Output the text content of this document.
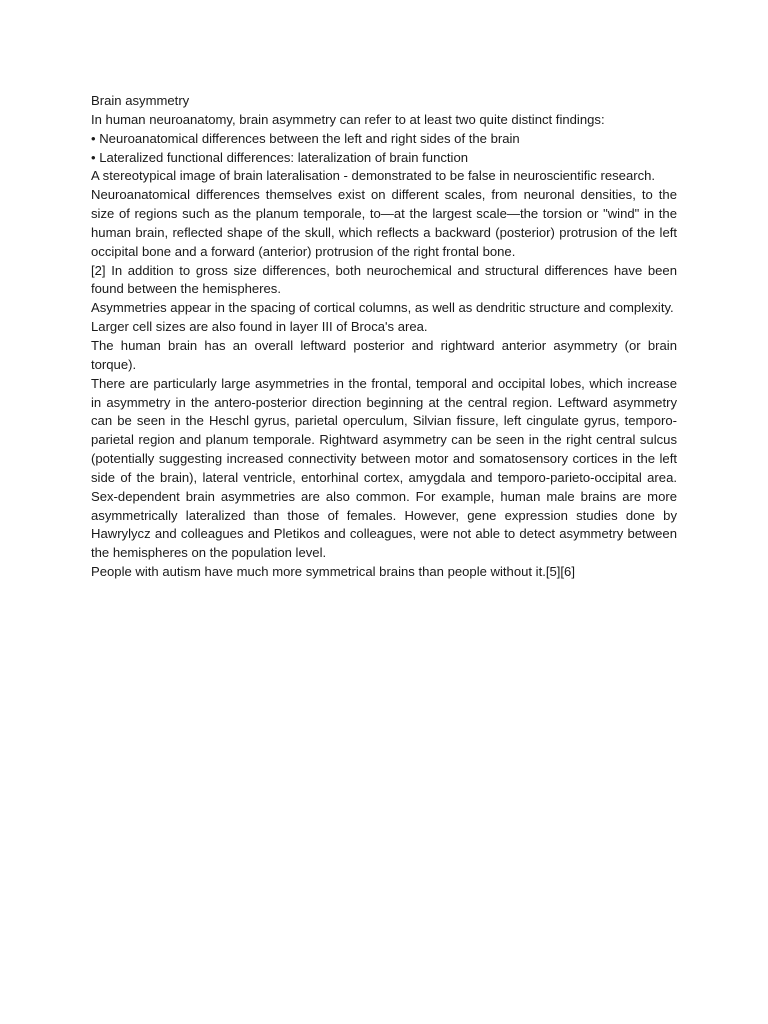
Brain asymmetry

In human neuroanatomy, brain asymmetry can refer to at least two quite distinct findings:

• Neuroanatomical differences between the left and right sides of the brain

• Lateralized functional differences: lateralization of brain function

A stereotypical image of brain lateralisation - demonstrated to be false in neuroscientific research.

Neuroanatomical differences themselves exist on different scales, from neuronal densities, to the size of regions such as the planum temporale, to—at the largest scale—the torsion or "wind" in the human brain, reflected shape of the skull, which reflects a backward (posterior) protrusion of the left occipital bone and a forward (anterior) protrusion of the right frontal bone.

[2] In addition to gross size differences, both neurochemical and structural differences have been found between the hemispheres.

Asymmetries appear in the spacing of cortical columns, as well as dendritic structure and complexity.

Larger cell sizes are also found in layer III of Broca's area.

The human brain has an overall leftward posterior and rightward anterior asymmetry (or brain torque).

There are particularly large asymmetries in the frontal, temporal and occipital lobes, which increase in asymmetry in the antero-posterior direction beginning at the central region. Leftward asymmetry can be seen in the Heschl gyrus, parietal operculum, Silvian fissure, left cingulate gyrus, temporo-parietal region and planum temporale. Rightward asymmetry can be seen in the right central sulcus (potentially suggesting increased connectivity between motor and somatosensory cortices in the left side of the brain), lateral ventricle, entorhinal cortex, amygdala and temporo-parieto-occipital area. Sex-dependent brain asymmetries are also common. For example, human male brains are more asymmetrically lateralized than those of females. However, gene expression studies done by Hawrylycz and colleagues and Pletikos and colleagues, were not able to detect asymmetry between the hemispheres on the population level.

People with autism have much more symmetrical brains than people without it.[5][6]
